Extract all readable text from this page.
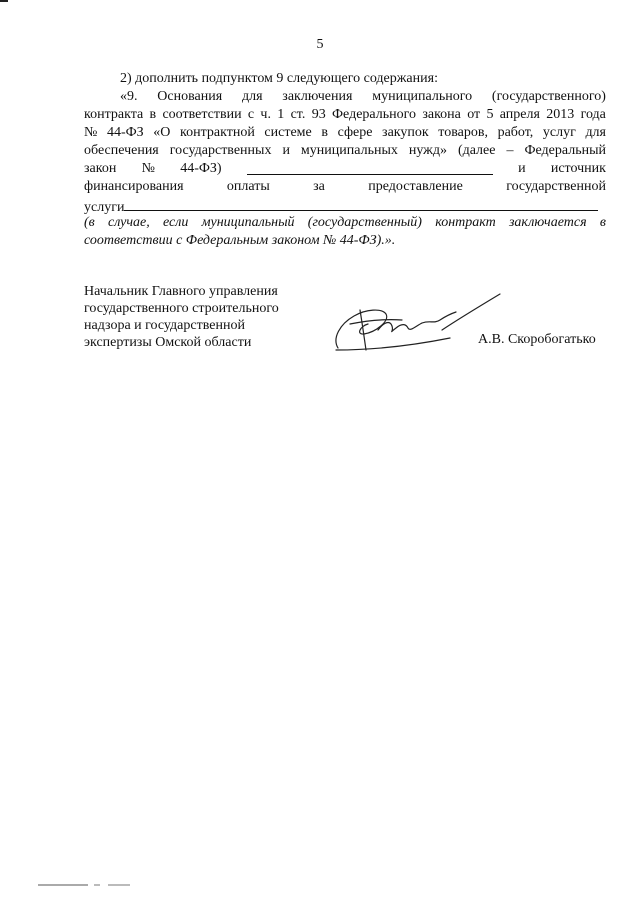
5
2) дополнить подпунктом 9 следующего содержания:
«9. Основания для заключения муниципального (государственного)
контракта в соответствии с ч. 1 ст. 93 Федерального закона от 5 апреля 2013 года
№ 44-ФЗ «О контрактной системе в сфере закупок товаров, работ, услуг для
обеспечения государственных и муниципальных нужд» (далее – Федеральный
закон № 44-ФЗ)	и источник
финансирования	оплаты	за	предоставление	государственной
услуги
(в случае, если муниципальный (государственный) контракт заключается в
соответствии с Федеральным законом № 44-ФЗ).».
Начальник Главного управления
государственного строительного
надзора и государственной
экспертизы Омской области	А.В. Скоробогатько
